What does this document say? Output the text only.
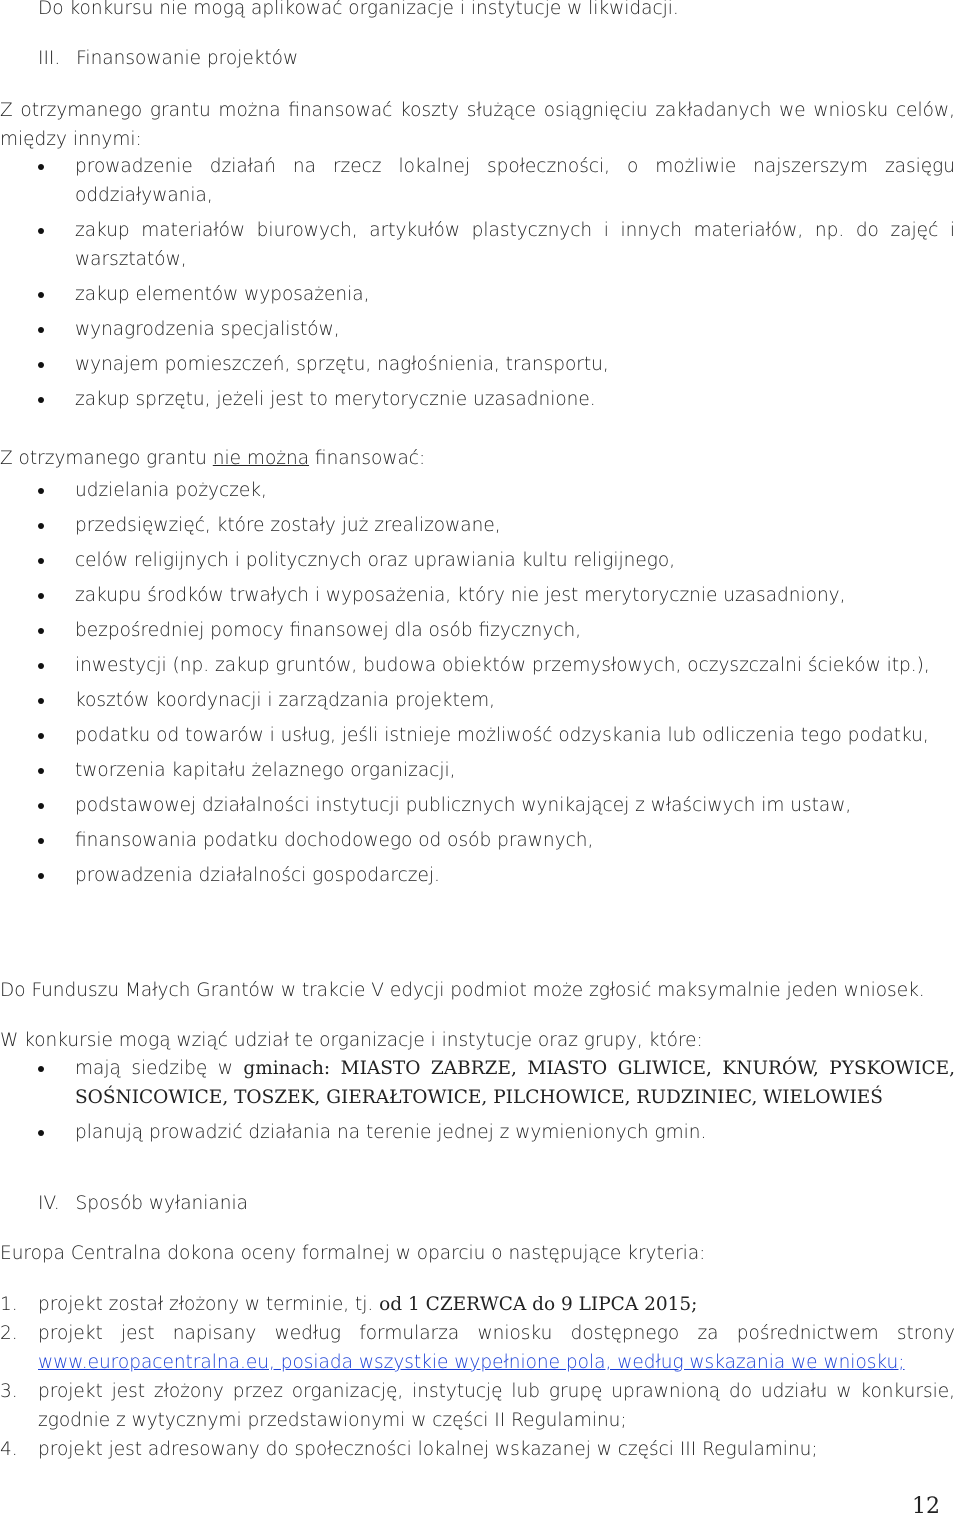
Do konkursu nie mogą aplikować organizacje i instytucje w likwidacji.

III. Finansowanie projektów

Z otrzymanego grantu można finansować koszty służące osiągnięciu zakładanych we wniosku celów, między innymi:

prowadzenie działań na rzecz lokalnej społeczności, o możliwie najszerszym zasięgu oddziaływania,
zakup materiałów biurowych, artykułów plastycznych i innych materiałów, np. do zajęć i warsztatów,
zakup elementów wyposażenia,
wynagrodzenia specjalistów,
wynajem pomieszczeń, sprzętu, nagłośnienia, transportu,
zakup sprzętu, jeżeli jest to merytorycznie uzasadnione.

Z otrzymanego grantu nie można finansować:

udzielania pożyczek,
przedsięwzięć, które zostały już zrealizowane,
celów religijnych i politycznych oraz uprawiania kultu religijnego,
zakupu środków trwałych i wyposażenia, który nie jest merytorycznie uzasadniony,
bezpośredniej pomocy finansowej dla osób fizycznych,
inwestycji (np. zakup gruntów, budowa obiektów przemysłowych, oczyszczalni ścieków itp.),
kosztów koordynacji i zarządzania projektem,
podatku od towarów i usług, jeśli istnieje możliwość odzyskania lub odliczenia tego podatku,
tworzenia kapitału żelaznego organizacji,
podstawowej działalności instytucji publicznych wynikającej z właściwych im ustaw,
finansowania podatku dochodowego od osób prawnych,
prowadzenia działalności gospodarczej.

Do Funduszu Małych Grantów w trakcie V edycji podmiot może zgłosić maksymalnie jeden wniosek.

W konkursie mogą wziąć udział te organizacje i instytucje oraz grupy, które:

mają siedzibę w gminach: MIASTO ZABRZE, MIASTO GLIWICE, KNURÓW, PYSKOWICE, SOŚNICOWICE, TOSZEK, GIERAŁTOWICE, PILCHOWICE, RUDZINIEC, WIELOWIEŚ
planują prowadzić działania na terenie jednej z wymienionych gmin.
IV. Sposób wyłaniania

Europa Centralna dokona oceny formalnej w oparciu o następujące kryteria:

1. projekt został złożony w terminie, tj. od 1 CZERWCA do 9 LIPCA 2015;
2. projekt jest napisany według formularza wniosku dostępnego za pośrednictwem strony www.europacentralna.eu, posiada wszystkie wypełnione pola, według wskazania we wniosku;
3. projekt jest złożony przez organizację, instytucję lub grupę uprawnioną do udziału w konkursie, zgodnie z wytycznymi przedstawionymi w części II Regulaminu;
4. projekt jest adresowany do społeczności lokalnej wskazanej w części III Regulaminu;
12
